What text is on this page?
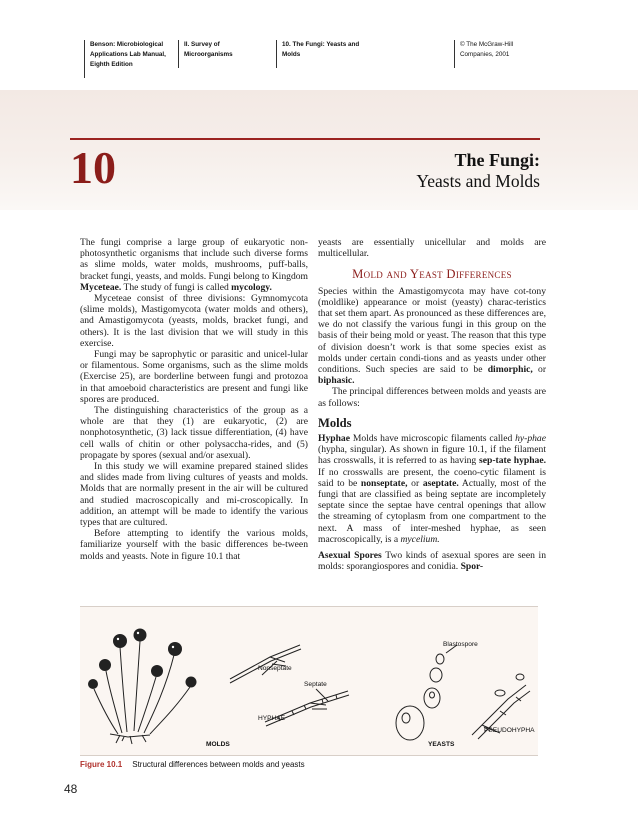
Benson: Microbiological
Applications Lab Manual,
Eighth Edition
II. Survey of
Microorganisms
10. The Fungi: Yeasts and
Molds
© The McGraw-Hill
Companies, 2001
10	The Fungi:
Yeasts and Molds

The fungi comprise a large group of eukaryotic non-photosynthetic organisms that include such diverse forms as slime molds, water molds, mushrooms, puff-balls, bracket fungi, yeasts, and molds. Fungi belong to Kingdom Myceteae. The study of fungi is called mycology.

Myceteae consist of three divisions: Gymnomycota (slime molds), Mastigomycota (water molds and others), and Amastigomycota (yeasts, molds, bracket fungi, and others). It is the last division that we will study in this exercise.

Fungi may be saprophytic or parasitic and unicel-lular or filamentous. Some organisms, such as the slime molds (Exercise 25), are borderline between fungi and protozoa in that amoeboid characteristics are present and fungi like spores are produced.

The distinguishing characteristics of the group as a whole are that they (1) are eukaryotic, (2) are nonphotosynthetic, (3) lack tissue differentiation, (4) have cell walls of chitin or other polysaccha-rides, and (5) propagate by spores (sexual and/or asexual).

In this study we will examine prepared stained slides and slides made from living cultures of yeasts and molds. Molds that are normally present in the air will be cultured and studied macroscopically and mi-croscopically. In addition, an attempt will be made to identify the various types that are cultured.

Before attempting to identify the various molds, familiarize yourself with the basic differences be-tween molds and yeasts. Note in figure 10.1 that

yeasts are essentially unicellular and molds are multicellular.

Mold and Yeast Differences

Species within the Amastigomycota may have cot-tony (moldlike) appearance or moist (yeasty) charac-teristics that set them apart. As pronounced as these differences are, we do not classify the various fungi in this group on the basis of their being mold or yeast. The reason that this type of division doesn’t work is that some species exist as molds under certain condi-tions and as yeasts under other conditions. Such species are said to be dimorphic, or biphasic.

The principal differences between molds and yeasts are as follows:

Molds

Hyphae Molds have microscopic filaments called hy-phae (hypha, singular). As shown in figure 10.1, if the filament has crosswalls, it is referred to as having sep-tate hyphae. If no crosswalls are present, the coeno-cytic filament is said to be nonseptate, or aseptate. Actually, most of the fungi that are classified as being septate are incompletely septate since the septae have central openings that allow the streaming of cytoplasm from one compartment to the next. A mass of inter-meshed hyphae, as seen macroscopically, is a mycelium.

Asexual Spores Two kinds of asexual spores are seen in molds: sporangiospores and conidia. Spor-

Nonseptate
Septate
HYPHAE
MOLDS
Blastospore
PSEUDOHYPHA
YEASTS
Figure 10.1 Structural differences between molds and yeasts
48
